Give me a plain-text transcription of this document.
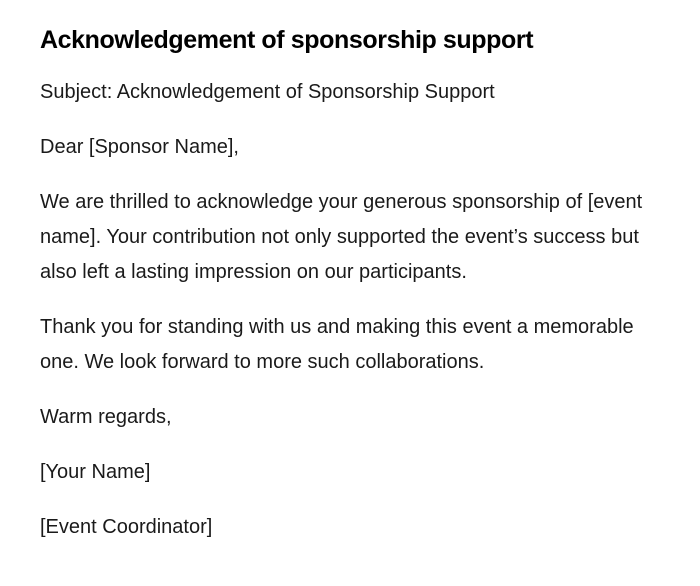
Acknowledgement of sponsorship support

Subject: Acknowledgement of Sponsorship Support

Dear [Sponsor Name],

We are thrilled to acknowledge your generous sponsorship of [event name]. Your contribution not only supported the event’s success but also left a lasting impression on our participants.

Thank you for standing with us and making this event a memorable one. We look forward to more such collaborations.

Warm regards,

[Your Name]

[Event Coordinator]
